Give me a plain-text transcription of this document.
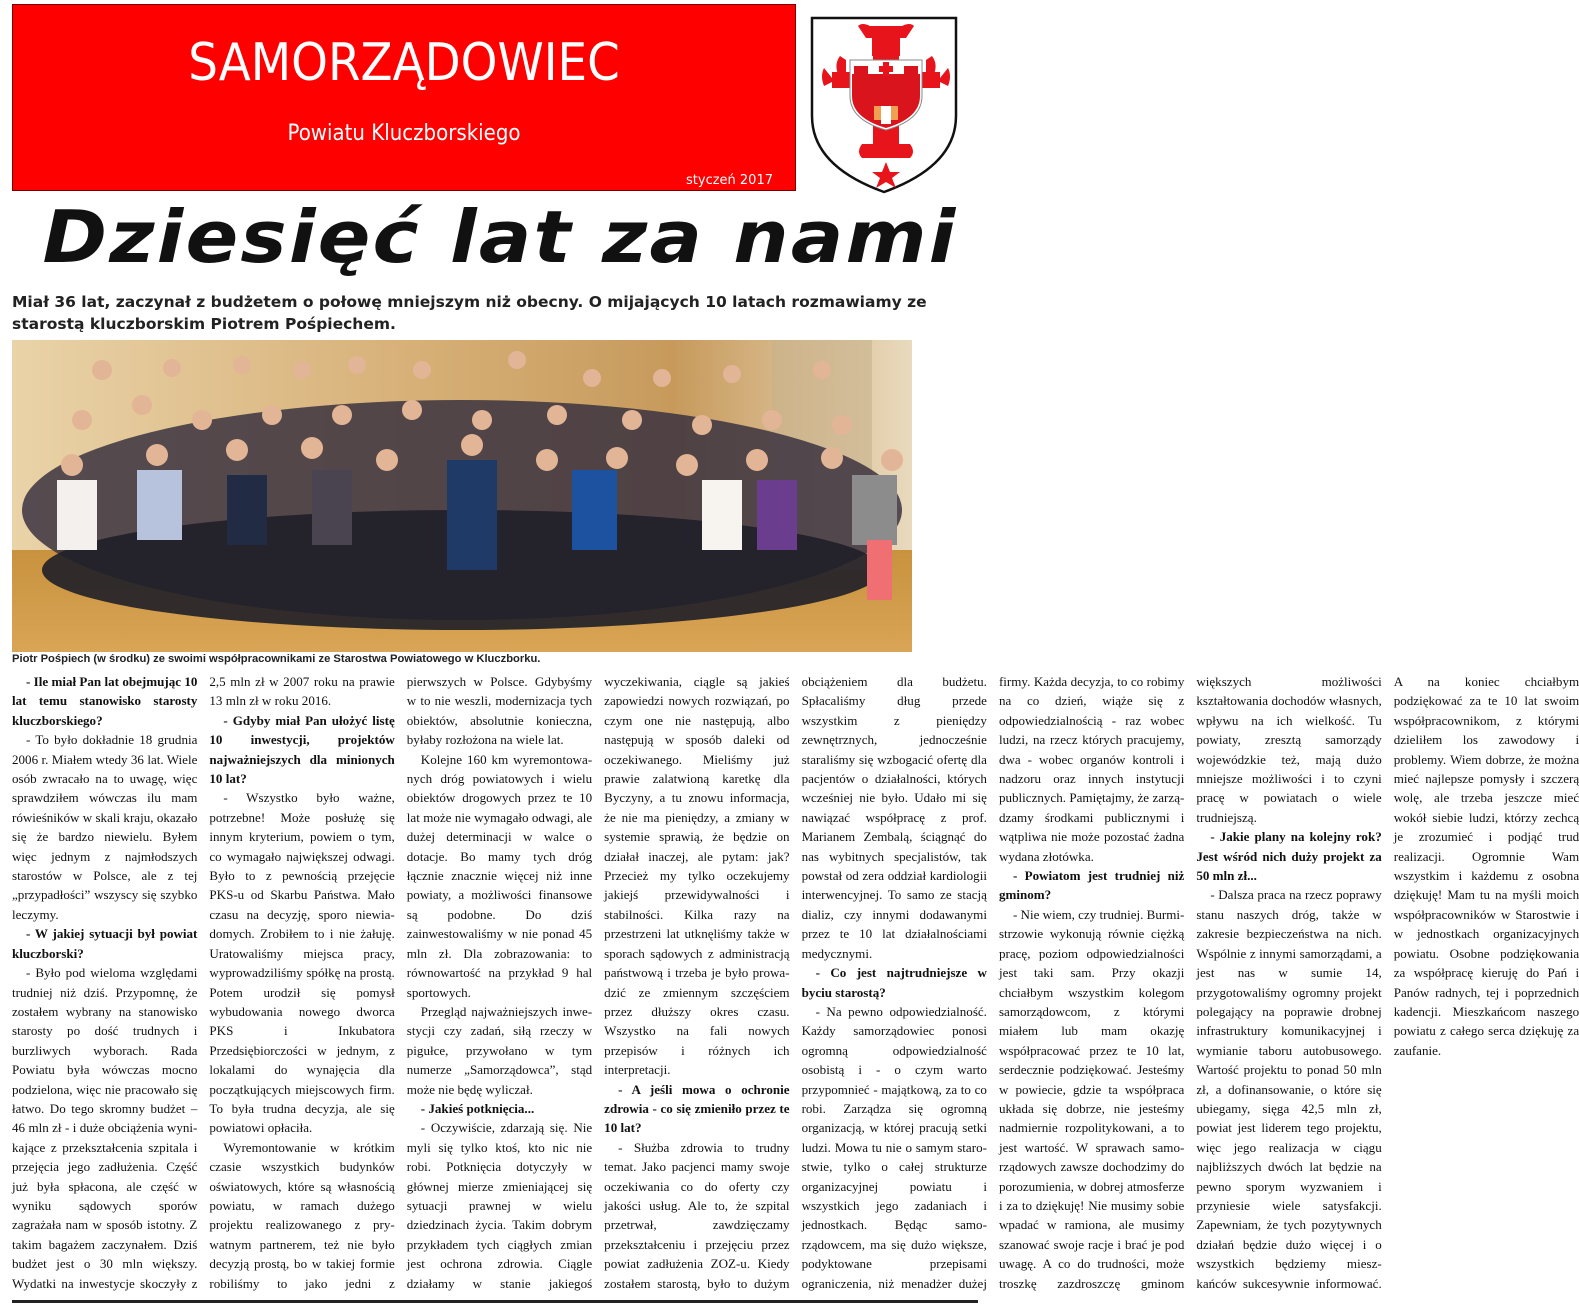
SAMORZĄDOWIEC
Powiatu Kluczborskiego
styczeń 2017
Dziesięć lat za nami
Miał 36 lat, zaczynał z budżetem o połowę mniejszym niż obecny. O mijających 10 latach rozmawiamy ze starostą kluczborskim Piotrem Pośpiechem.
Piotr Pośpiech (w środku) ze swoimi współpracownikami ze Starostwa Powiatowego w Kluczborku.

- Ile miał Pan lat obejmując 10 lat temu stanowisko starosty kluczborskiego?

- To było dokładnie 18 grudnia 2006 r. Miałem wtedy 36 lat. Wiele osób zwracało na to uwagę, więc sprawdziłem wówczas ilu mam rówieśników w skali kraju, okazało się że bardzo niewielu. Byłem więc jednym z najmłodszych starostów w Polsce, ale z tej „przypadłości” wszyscy się szybko leczymy.

- W jakiej sytuacji był powiat kluczborski?

- Było pod wieloma względami trudniej niż dziś. Przypomnę, że zostałem wybrany na stanowisko starosty po dość trudnych i burzliwych wyborach. Rada Powiatu była wówczas mocno podzielona, więc nie pracowało się łatwo. Do tego skromny budżet – 46 mln zł - i duże obciążenia wynikające z przekształcenia szpitala i przejęcia jego zadłużenia. Część już była spłacona, ale część w wyniku sądowych sporów zagrażała nam w sposób istotny. Z takim bagażem zaczynałem. Dziś budżet jest o 30 mln większy. Wydatki na inwestycje skoczyły z 2,5 mln zł w 2007 roku na prawie 13 mln zł w roku 2016.

- Gdyby miał Pan ułożyć listę 10 inwestycji, projektów najważniejszych dla minionych 10 lat?

- Wszystko było ważne, potrzebne! Może posłużę się innym kryterium, powiem o tym, co wymagało największej odwagi. Było to z pewnością przejęcie PKS-u od Skarbu Państwa. Mało czasu na decyzję, sporo niewiadomych. Zrobiłem to i nie żałuję. Uratowaliśmy miejsca pracy, wyprowadziliśmy spółkę na prostą. Potem urodził się pomysł wybudowania nowego dworca PKS i Inkubatora Przedsiębiorczości w jednym, z lokalami do wynajęcia dla początkujących miejscowych firm. To była trudna decyzja, ale się powiatowi opłaciła.

Wyremontowanie w krótkim czasie wszystkich budynków oświatowych, które są własnością powiatu, w ramach dużego projektu realizowanego z prywatnym partnerem, też nie było decyzją prostą, bo w takiej formie robiliśmy to jako jedni z pierwszych w Polsce. Gdybyśmy w to nie weszli, modernizacja tych obiektów, absolutnie konieczna, byłaby rozłożona na wiele lat.

Kolejne 160 km wyremontowanych dróg powiatowych i wielu obiektów drogowych przez te 10 lat może nie wymagało odwagi, ale dużej determinacji w walce o dotacje. Bo mamy tych dróg łącznie znacznie więcej niż inne powiaty, a możliwości finansowe są podobne. Do dziś zainwestowaliśmy w nie ponad 45 mln zł. Dla zobrazowania: to równowartość na przykład 9 hal sportowych.

Przegląd najważniejszych inwestycji czy zadań, siłą rzeczy w pigułce, przywołano w tym numerze „Samorządowca”, stąd może nie będę wyliczał.

- Jakieś potknięcia...

- Oczywiście, zdarzają się. Nie myli się tylko ktoś, kto nic nie robi. Potknięcia dotyczyły w głównej mierze zmieniającej się sytuacji prawnej w wielu dziedzinach życia. Takim dobrym przykładem tych ciągłych zmian jest ochrona zdrowia. Ciągle działamy w stanie jakiegoś wyczekiwania, ciągle są jakieś zapowiedzi nowych rozwiązań, po czym one nie następują, albo następują w sposób daleki od oczekiwanego. Mieliśmy już prawie zalatwioną karetkę dla Byczyny, a tu znowu informacja, że nie ma pieniędzy, a zmiany w systemie sprawią, że będzie on działał inaczej, ale pytam: jak? Przecież my tylko oczekujemy jakiejś przewidywalności i stabilności. Kilka razy na przestrzeni lat utknęliśmy także w sporach sądowych z administracją państwową i trzeba je było prowadzić ze zmiennym szczęściem przez dłuższy okres czasu. Wszystko na fali nowych przepisów i różnych ich interpretacji.

- A jeśli mowa o ochronie zdrowia - co się zmieniło przez te 10 lat?

- Służba zdrowia to trudny temat. Jako pacjenci mamy swoje oczekiwania co do oferty czy jakości usług. Ale to, że szpital przetrwał, zawdzięczamy przekształceniu i przejęciu przez powiat zadłużenia ZOZ-u. Kiedy zostałem starostą, było to dużym obciążeniem dla budżetu. Spłacaliśmy dług przede wszystkim z pieniędzy zewnętrznych, jednocześnie staraliśmy się wzbogacić ofertę dla pacjentów o działalności, których wcześniej nie było. Udało mi się nawiązać współpracę z prof. Marianem Zembalą, ściągnąć do nas wybitnych specjalistów, tak powstał od zera oddział kardiologii interwencyjnej. To samo ze stacją dializ, czy innymi dodawanymi przez te 10 lat działalnościami medycznymi.

- Co jest najtrudniejsze w byciu starostą?

- Na pewno odpowiedzialność. Każdy samorządowiec ponosi ogromną odpowiedzialność osobistą i - o czym warto przypomnieć - majątkową, za to co robi. Zarządza się ogromną organizacją, w której pracują setki ludzi. Mowa tu nie o samym starostwie, tylko o całej strukturze organizacyjnej powiatu i wszystkich jego zadaniach i jednostkach. Będąc samorządowcem, ma się dużo większe, podyktowane przepisami ograniczenia, niż menadżer dużej firmy. Każda decyzja, to co robimy na co dzień, wiąże się z odpowiedzialnością - raz wobec ludzi, na rzecz których pracujemy, dwa - wobec organów kontroli i nadzoru oraz innych instytucji publicznych. Pamiętajmy, że zarządzamy środkami publicznymi i wątpliwa nie może pozostać żadna wydana złotówka.

- Powiatom jest trudniej niż gminom?

- Nie wiem, czy trudniej. Burmistrzowie wykonują równie ciężką pracę, poziom odpowiedzialności jest taki sam. Przy okazji chciałbym wszystkim kolegom samorządowcom, z którymi miałem lub mam okazję współpracować przez te 10 lat, serdecznie podziękować. Jesteśmy w powiecie, gdzie ta współpraca układa się dobrze, nie jesteśmy nadmiernie rozpolitykowani, a to jest wartość. W sprawach samorządowych zawsze dochodzimy do porozumienia, w dobrej atmosferze i za to dziękuję! Nie musimy sobie wpadać w ramiona, ale musimy szanować swoje racje i brać je pod uwagę. A co do trudności, może troszkę zazdroszczę gminom większych możliwości kształtowania dochodów własnych, wpływu na ich wielkość. Tu powiaty, zresztą samorządy wojewódzkie też, mają dużo mniejsze możliwości i to czyni pracę w powiatach o wiele trudniejszą.

- Jakie plany na kolejny rok? Jest wśród nich duży projekt za 50 mln zł...

- Dalsza praca na rzecz poprawy stanu naszych dróg, także w zakresie bezpieczeństwa na nich. Wspólnie z innymi samorządami, a jest nas w sumie 14, przygotowaliśmy ogromny projekt polegający na poprawie drobnej infrastruktury komunikacyjnej i wymianie taboru autobusowego. Wartość projektu to ponad 50 mln zł, a dofinansowanie, o które się ubiegamy, sięga 42,5 mln zł, powiat jest liderem tego projektu, więc jego realizacja w ciągu najbliższych dwóch lat będzie na pewno sporym wyzwaniem i przyniesie wiele satysfakcji. Zapewniam, że tych pozytywnych działań będzie dużo więcej i o wszystkich będziemy mieszkańców sukcesywnie informować. A na koniec chciałbym podziękować za te 10 lat swoim współpracownikom, z którymi dzieliłem los zawodowy i problemy. Wiem dobrze, że można mieć najlepsze pomysły i szczerą wolę, ale trzeba jeszcze mieć wokół siebie ludzi, którzy zechcą je zrozumieć i podjąć trud realizacji. Ogromnie Wam wszystkim i każdemu z osobna dziękuję! Mam tu na myśli moich współpracowników w Starostwie i w jednostkach organizacyjnych powiatu. Osobne podziękowania za współpracę kieruję do Pań i Panów radnych, tej i poprzednich kadencji. Mieszkańcom naszego powiatu z całego serca dziękuję za zaufanie.
